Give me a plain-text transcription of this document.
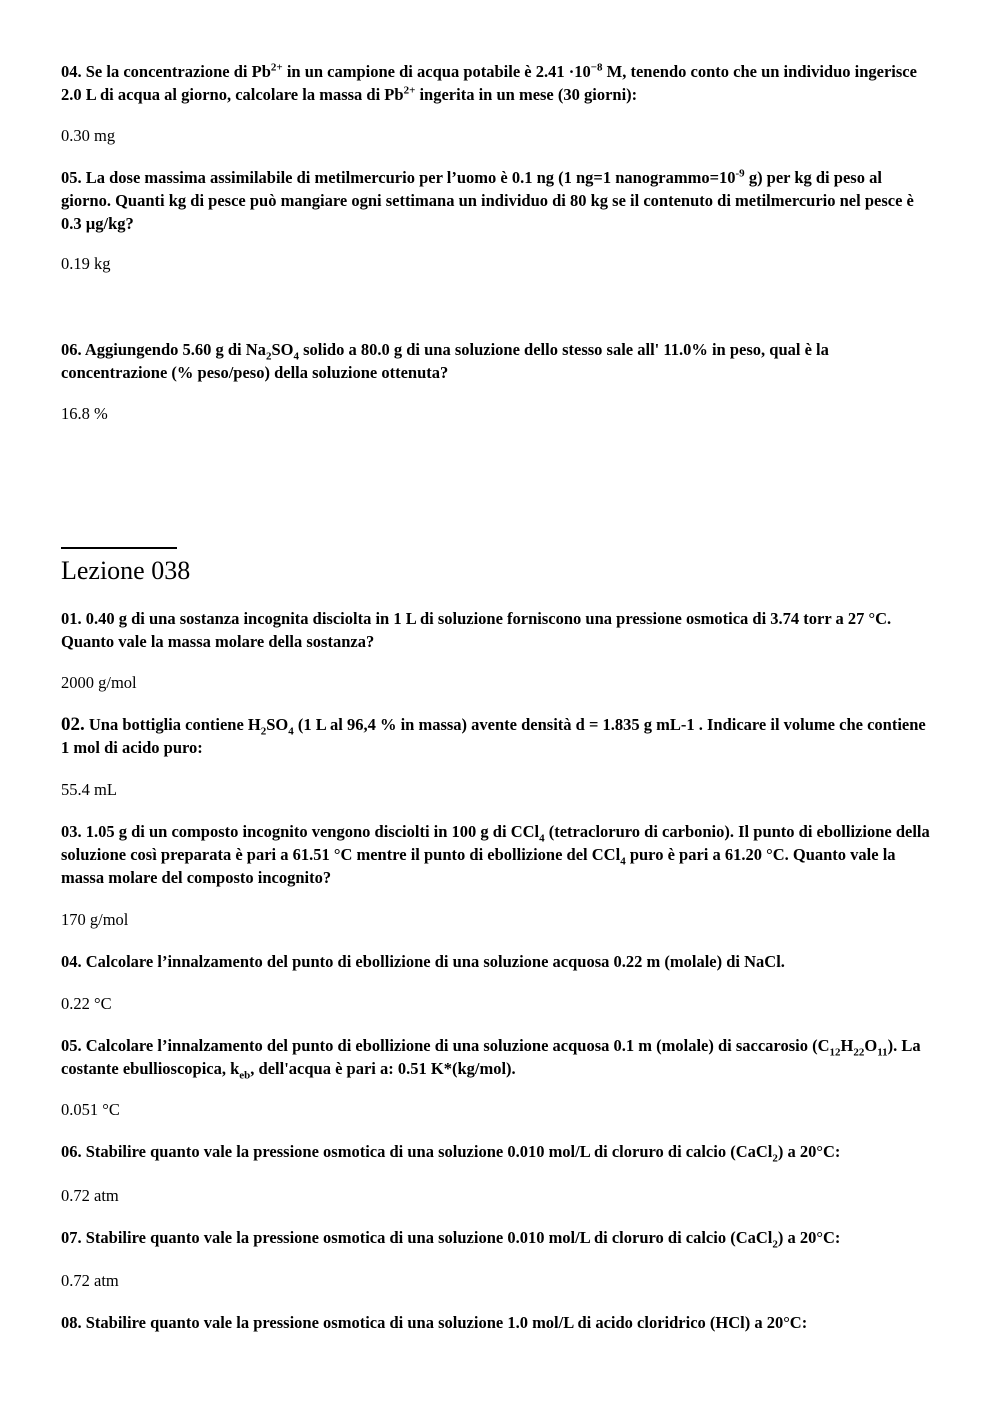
04. Se la concentrazione di $Pb^{2+}$ in un campione di acqua potabile è $2.41 \cdot 10^{-8}$ M, tenendo conto che un individuo ingerisce 2.0 L di acqua al giorno, calcolare la massa di $Pb^{2+}$ ingerita in un mese (30 giorni):
0.30 mg
05. La dose massima assimilabile di metilmercurio per l’uomo è 0.1 ng (1 ng=1 $nanogrammo=10^{-9}$ g) per kg di peso al giorno. Quanti kg di pesce può mangiare ogni settimana un individuo di 80 kg se il contenuto di metilmercurio nel pesce è 0.3 µg/kg?
0.19 kg
06. Aggiungendo 5.60 g di $Na_2SO_4$ solido a 80.0 g di una soluzione dello stesso sale all' 11.0% in peso, qual è la concentrazione (% peso/peso) della soluzione ottenuta?
16.8 %
Lezione 038
01. 0.40 g di una sostanza incognita disciolta in 1 L di soluzione forniscono una pressione osmotica di 3.74 torr a 27 °C. Quanto vale la massa molare della sostanza?
2000 g/mol
02. Una bottiglia contiene $H_2SO_4$ (1 L al 96,4 % in massa) avente densità d = 1.835 g mL-1 . Indicare il volume che contiene 1 mol di acido puro:
55.4 mL
03. 1.05 g di un composto incognito vengono disciolti in 100 g di CCl$_4$ (tetracloruro di carbonio). Il punto di ebollizione della soluzione così preparata è pari a 61.51 °C mentre il punto di ebollizione del CCl$_4$ puro è pari a 61.20 °C. Quanto vale la massa molare del composto incognito?
170 g/mol
04. Calcolare l’innalzamento del punto di ebollizione di una soluzione acquosa 0.22 m (molale) di NaCl.
0.22 °C
05. Calcolare l’innalzamento del punto di ebollizione di una soluzione acquosa 0.1 m (molale) di saccarosio $(C_{12}H_{22}O_{11})$. La costante ebullioscopica, $k_{eb}$, dell'acqua è pari a: 0.51 K*(kg/mol).
0.051 °C
06. Stabilire quanto vale la pressione osmotica di una soluzione 0.010 mol/L di cloruro di calcio (CaCl$_2$) a 20°C:
0.72 atm
07. Stabilire quanto vale la pressione osmotica di una soluzione 0.010 mol/L di cloruro di calcio (CaCl$_2$) a 20°C:
0.72 atm
08. Stabilire quanto vale la pressione osmotica di una soluzione 1.0 mol/L di acido cloridrico (HCl) a 20°C:
